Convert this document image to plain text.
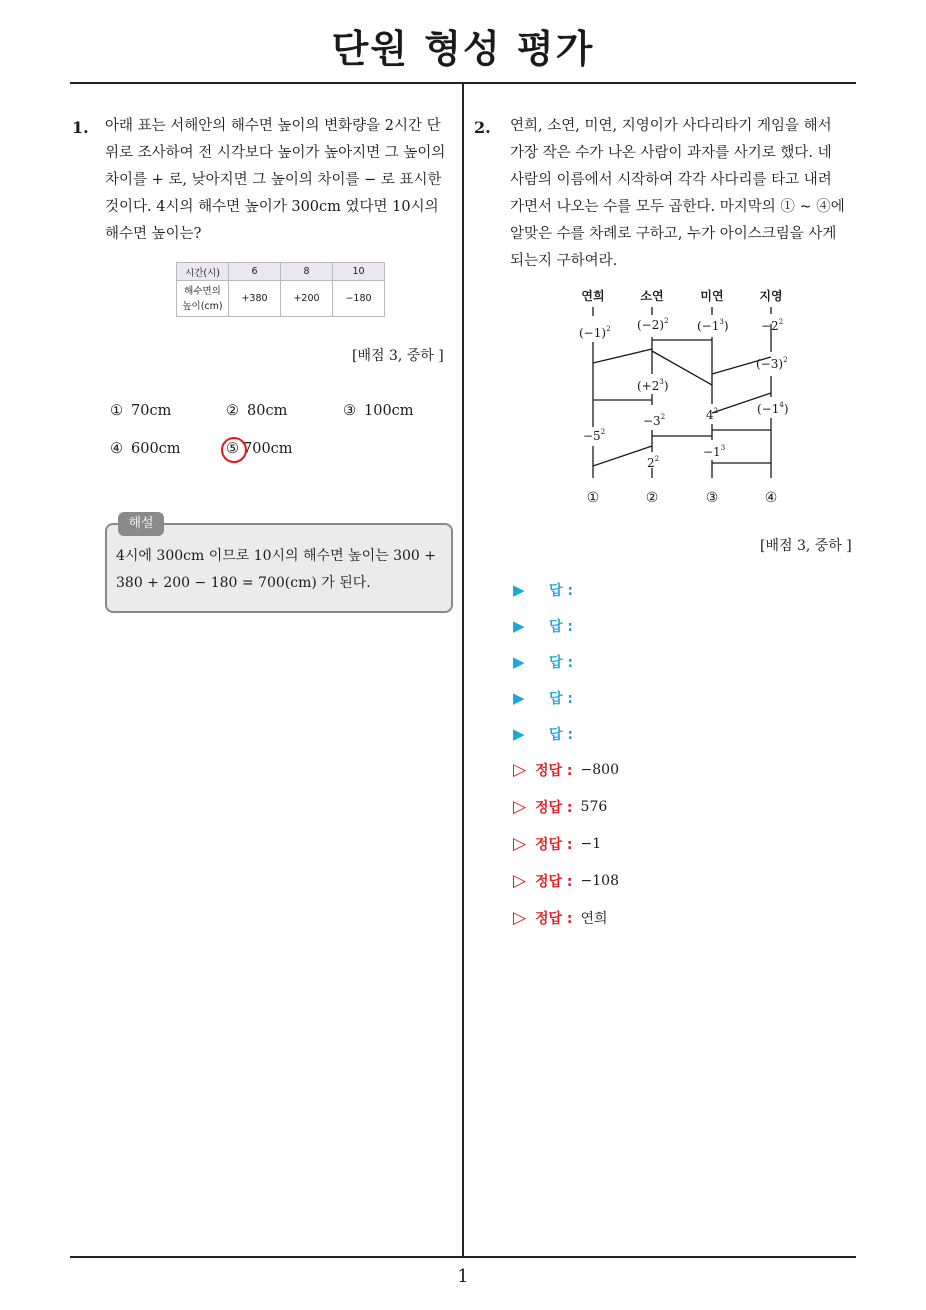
단원 형성 평가
1
1. 아래 표는 서해안의 해수면 높이의 변화량을 2시간 단
위로 조사하여 전 시각보다 높이가 높아지면 그 높이의
차이를 + 로, 낮아지면 그 높이의 차이를 − 로 표시한
것이다. 4시의 해수면 높이가 300cm 였다면 10시의
해수면 높이는?
시간(시)	6	8	10
해수면의
높이(cm)	+380	+200	−180
[배점 3, 중하 ]
① 70cm	② 80cm	③ 100cm
④ 600cm	⑤ 700cm
해설
4시에 300cm 이므로 10시의 해수면 높이는 300 +
380 + 200 − 180 = 700(cm) 가 된다.
2. 연희, 소연, 미연, 지영이가 사다리타기 게임을 해서
가장 작은 수가 나온 사람이 과자를 사기로 했다. 네
사람의 이름에서 시작하여 각각 사다리를 타고 내려
가면서 나오는 수를 모두 곱한다. 마지막의 ① ~ ④에
알맞은 수를 차례로 구하고, 누가 아이스크림을 사게
되는지 구하여라.
연희	소연	미연	지영
$(-1)^2$ $(-2)^2$ $(-1^3)$	$-2^2$
$(-3)^2$
$(+2^3)$
$(-1^4)$
$-3^2$	$4^2$
$-5^2$
$-1^3$
$2^2$
①	②	③	④
[배점 3, 중하 ]
▶	답 :
▶	답 :
▶	답 :
▶	답 :
▶	답 :
▷ 정답 : −800
▷ 정답 : 576
▷ 정답 : −1
▷ 정답 : −108
▷ 정답 : 연희
